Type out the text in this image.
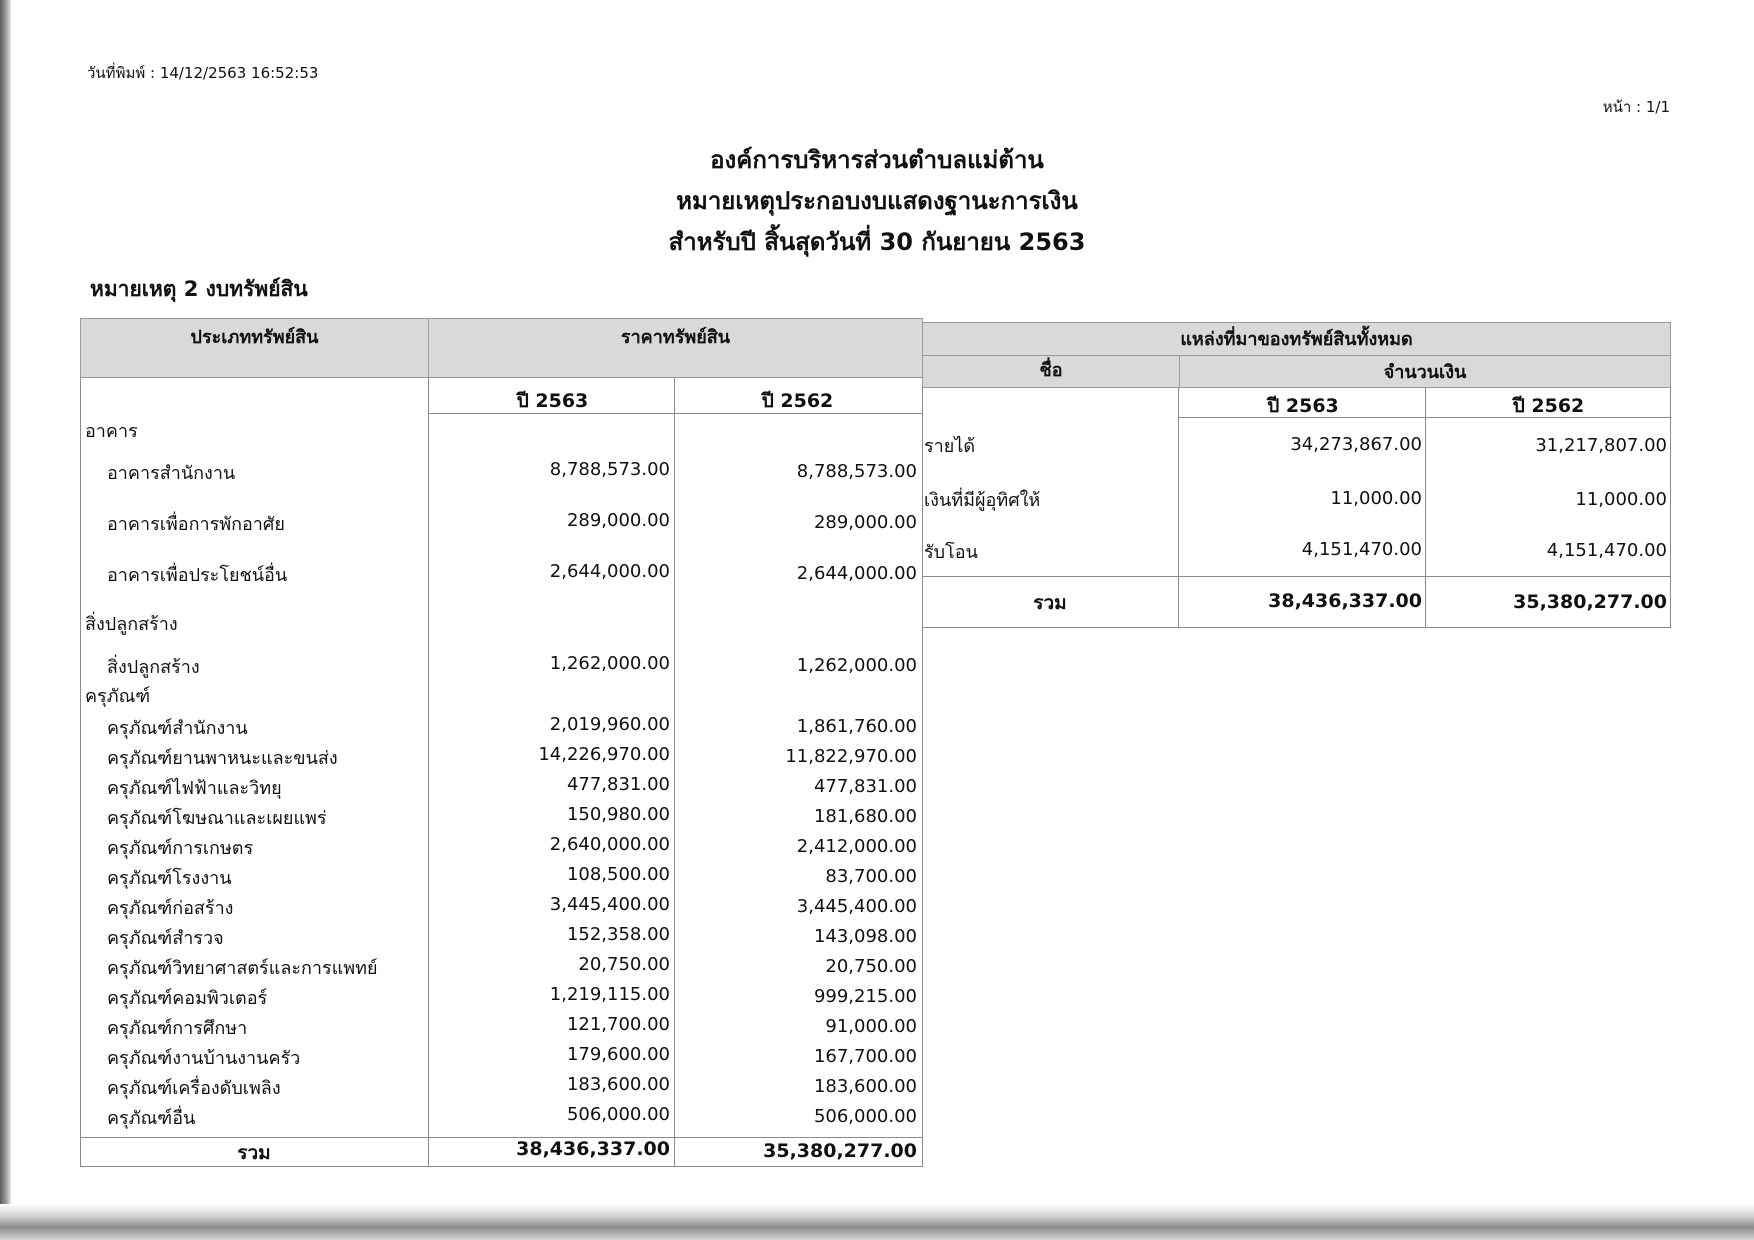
วันที่พิมพ์ : 14/12/2563 16:52:53
หน้า : 1/1
องค์การบริหารส่วนตำบลแม่ต้าน
หมายเหตุประกอบงบแสดงฐานะการเงิน
สำหรับปี สิ้นสุดวันที่ 30 กันยายน 2563
หมายเหตุ 2 งบทรัพย์สิน
ประเภททรัพย์สิน	ราคาทรัพย์สิน
ปี 2563	ปี 2562
อาคาร
อาคารสำนักงาน	8,788,573.00	8,788,573.00
อาคารเพื่อการพักอาศัย	289,000.00	289,000.00
อาคารเพื่อประโยชน์อื่น	2,644,000.00	2,644,000.00
สิ่งปลูกสร้าง
สิ่งปลูกสร้าง	1,262,000.00	1,262,000.00
ครุภัณฑ์
ครุภัณฑ์สำนักงาน	2,019,960.00	1,861,760.00
ครุภัณฑ์ยานพาหนะและขนส่ง	14,226,970.00	11,822,970.00
ครุภัณฑ์ไฟฟ้าและวิทยุ	477,831.00	477,831.00
ครุภัณฑ์โฆษณาและเผยแพร่	150,980.00	181,680.00
ครุภัณฑ์การเกษตร	2,640,000.00	2,412,000.00
ครุภัณฑ์โรงงาน	108,500.00	83,700.00
ครุภัณฑ์ก่อสร้าง	3,445,400.00	3,445,400.00
ครุภัณฑ์สำรวจ	152,358.00	143,098.00
ครุภัณฑ์วิทยาศาสตร์และการแพทย์	20,750.00	20,750.00
ครุภัณฑ์คอมพิวเตอร์	1,219,115.00	999,215.00
ครุภัณฑ์การศึกษา	121,700.00	91,000.00
ครุภัณฑ์งานบ้านงานครัว	179,600.00	167,700.00
ครุภัณฑ์เครื่องดับเพลิง	183,600.00	183,600.00
ครุภัณฑ์อื่น	506,000.00	506,000.00
รวม	38,436,337.00	35,380,277.00
แหล่งที่มาของทรัพย์สินทั้งหมด
ชื่อ	จำนวนเงิน
ปี 2563	ปี 2562
รายได้	34,273,867.00	31,217,807.00
เงินที่มีผู้อุทิศให้	11,000.00	11,000.00
รับโอน	4,151,470.00	4,151,470.00
รวม	38,436,337.00	35,380,277.00
